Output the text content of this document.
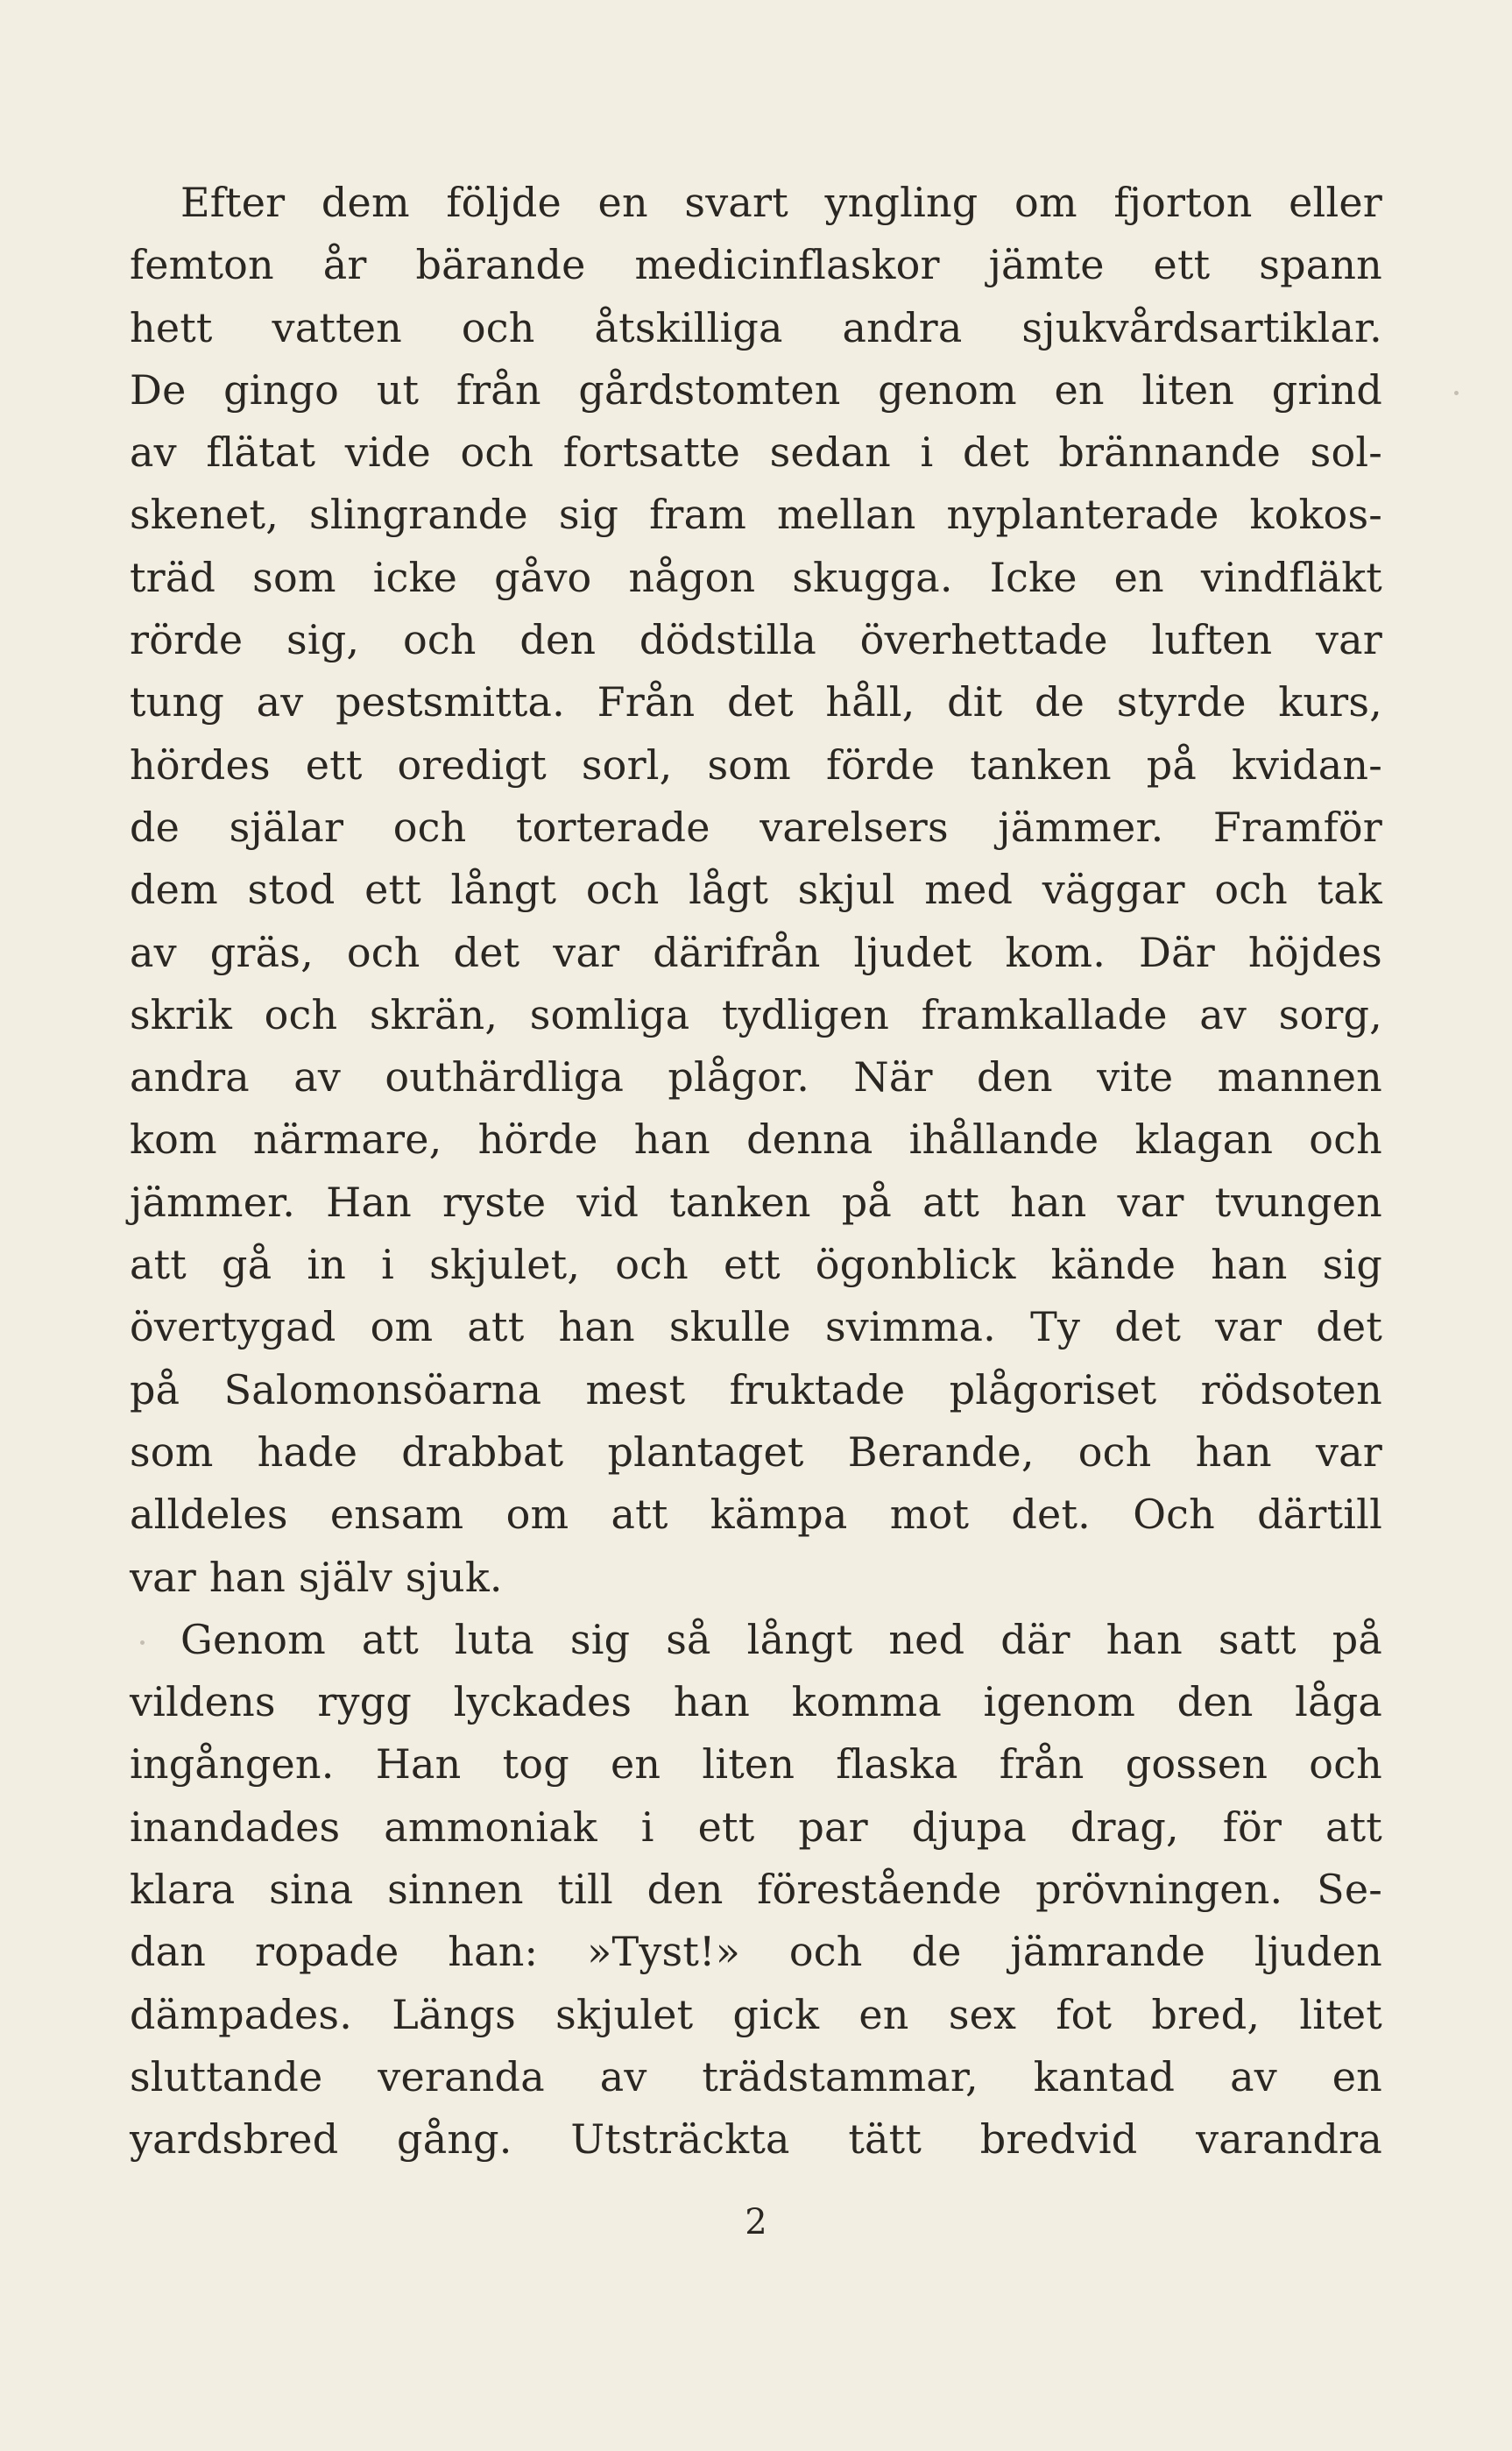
Efter dem följde en svart yngling om fjorton eller
femton år bärande medicinflaskor jämte ett spann
hett vatten och åtskilliga andra sjukvårdsartiklar.
De gingo ut från gårdstomten genom en liten grind
av flätat vide och fortsatte sedan i det brännande sol-
skenet, slingrande sig fram mellan nyplanterade kokos-
träd som icke gåvo någon skugga. Icke en vindfläkt
rörde sig, och den dödstilla överhettade luften var
tung av pestsmitta. Från det håll, dit de styrde kurs,
hördes ett oredigt sorl, som förde tanken på kvidan-
de själar och torterade varelsers jämmer. Framför
dem stod ett långt och lågt skjul med väggar och tak
av gräs, och det var därifrån ljudet kom. Där höjdes
skrik och skrän, somliga tydligen framkallade av sorg,
andra av outhärdliga plågor. När den vite mannen
kom närmare, hörde han denna ihållande klagan och
jämmer. Han ryste vid tanken på att han var tvungen
att gå in i skjulet, och ett ögonblick kände han sig
övertygad om att han skulle svimma. Ty det var det
på Salomonsöarna mest fruktade plågoriset rödsoten
som hade drabbat plantaget Berande, och han var
alldeles ensam om att kämpa mot det. Och därtill
var han själv sjuk.
Genom att luta sig så långt ned där han satt på
vildens rygg lyckades han komma igenom den låga
ingången. Han tog en liten flaska från gossen och
inandades ammoniak i ett par djupa drag, för att
klara sina sinnen till den förestående prövningen. Se-
dan ropade han: »Tyst!» och de jämrande ljuden
dämpades. Längs skjulet gick en sex fot bred, litet
sluttande veranda av trädstammar, kantad av en
yardsbred gång. Utsträckta tätt bredvid varandra
2
